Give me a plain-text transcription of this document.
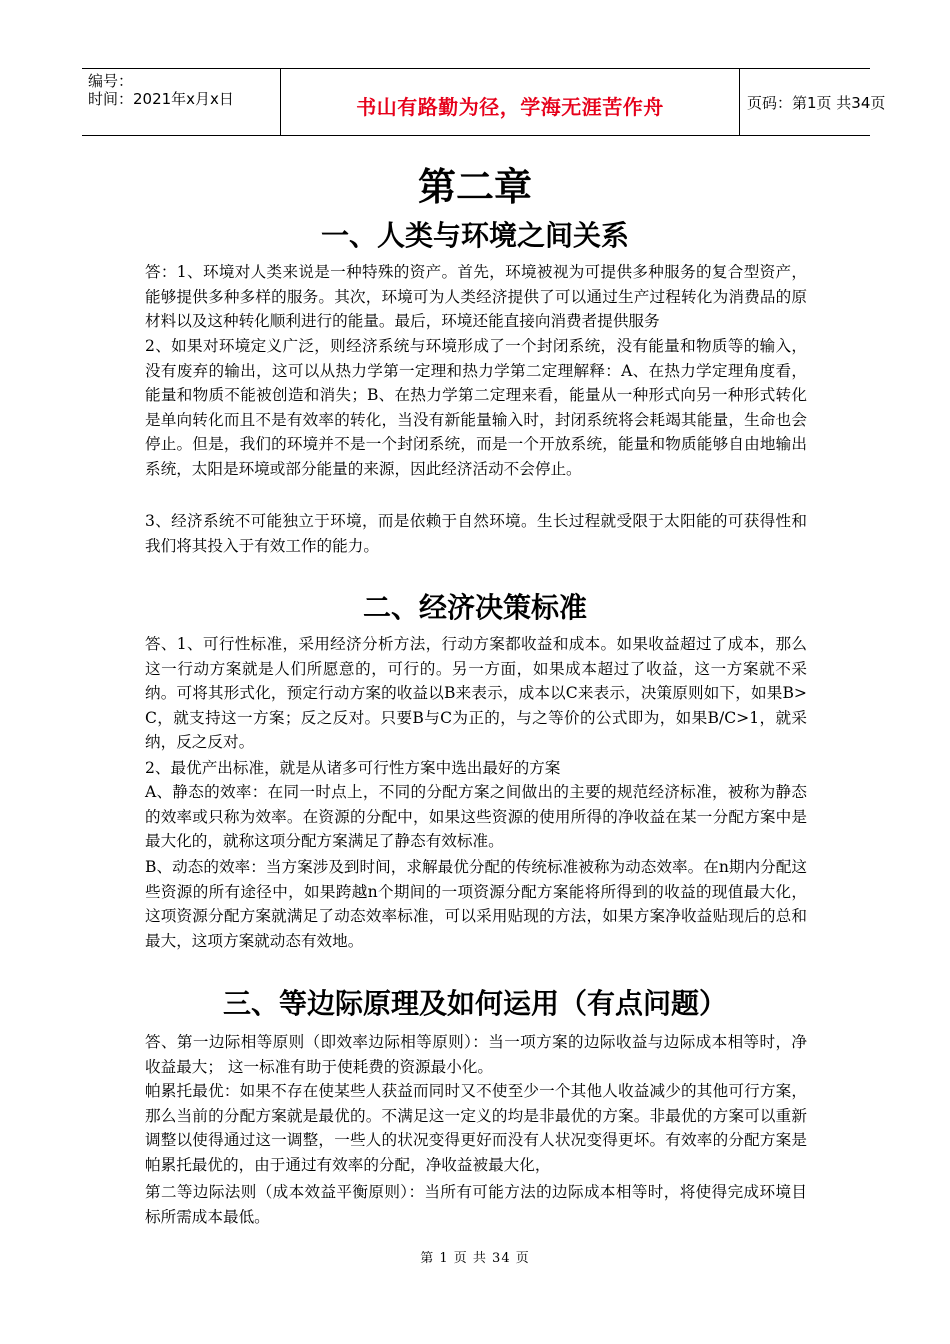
编号：
时间：2021年x月x日	书山有路勤为径，学海无涯苦作舟	页码：第1页 共34页
第二章
一、人类与环境之间关系
答：1、环境对人类来说是一种特殊的资产。首先，环境被视为可提供多种服务的复合型资产，能够提供多种多样的服务。其次，环境可为人类经济提供了可以通过生产过程转化为消费品的原材料以及这种转化顺利进行的能量。最后，环境还能直接向消费者提供服务
2、如果对环境定义广泛，则经济系统与环境形成了一个封闭系统，没有能量和物质等的输入，没有废弃的输出，这可以从热力学第一定理和热力学第二定理解释：A、在热力学定理角度看，能量和物质不能被创造和消失；B、在热力学第二定理来看，能量从一种形式向另一种形式转化是单向转化而且不是有效率的转化，当没有新能量输入时，封闭系统将会耗竭其能量，生命也会停止。但是，我们的环境并不是一个封闭系统，而是一个开放系统，能量和物质能够自由地输出系统，太阳是环境或部分能量的来源，因此经济活动不会停止。
3、经济系统不可能独立于环境，而是依赖于自然环境。生长过程就受限于太阳能的可获得性和我们将其投入于有效工作的能力。
二、经济决策标准
答、1、可行性标准，采用经济分析方法，行动方案都收益和成本。如果收益超过了成本，那么这一行动方案就是人们所愿意的，可行的。另一方面，如果成本超过了收益，这一方案就不采纳。可将其形式化，预定行动方案的收益以B来表示，成本以C来表示，决策原则如下，如果B>C，就支持这一方案；反之反对。只要B与C为正的，与之等价的公式即为，如果B/C>1，就采纳，反之反对。
2、最优产出标准，就是从诸多可行性方案中选出最好的方案
A、静态的效率：在同一时点上，不同的分配方案之间做出的主要的规范经济标准，被称为静态的效率或只称为效率。在资源的分配中，如果这些资源的使用所得的净收益在某一分配方案中是最大化的，就称这项分配方案满足了静态有效标准。
B、动态的效率：当方案涉及到时间，求解最优分配的传统标准被称为动态效率。在n期内分配这些资源的所有途径中，如果跨越n个期间的一项资源分配方案能将所得到的收益的现值最大化，这项资源分配方案就满足了动态效率标准，可以采用贴现的方法，如果方案净收益贴现后的总和最大，这项方案就动态有效地。
三、等边际原理及如何运用（有点问题）
答、第一边际相等原则（即效率边际相等原则）：当一项方案的边际收益与边际成本相等时，净收益最大； 这一标准有助于使耗费的资源最小化。
帕累托最优：如果不存在使某些人获益而同时又不使至少一个其他人收益减少的其他可行方案，那么当前的分配方案就是最优的。不满足这一定义的均是非最优的方案。非最优的方案可以重新调整以使得通过这一调整，一些人的状况变得更好而没有人状况变得更坏。有效率的分配方案是帕累托最优的，由于通过有效率的分配，净收益被最大化，
第二等边际法则（成本效益平衡原则）：当所有可能方法的边际成本相等时，将使得完成环境目标所需成本最低。
第 1 页 共 34 页
